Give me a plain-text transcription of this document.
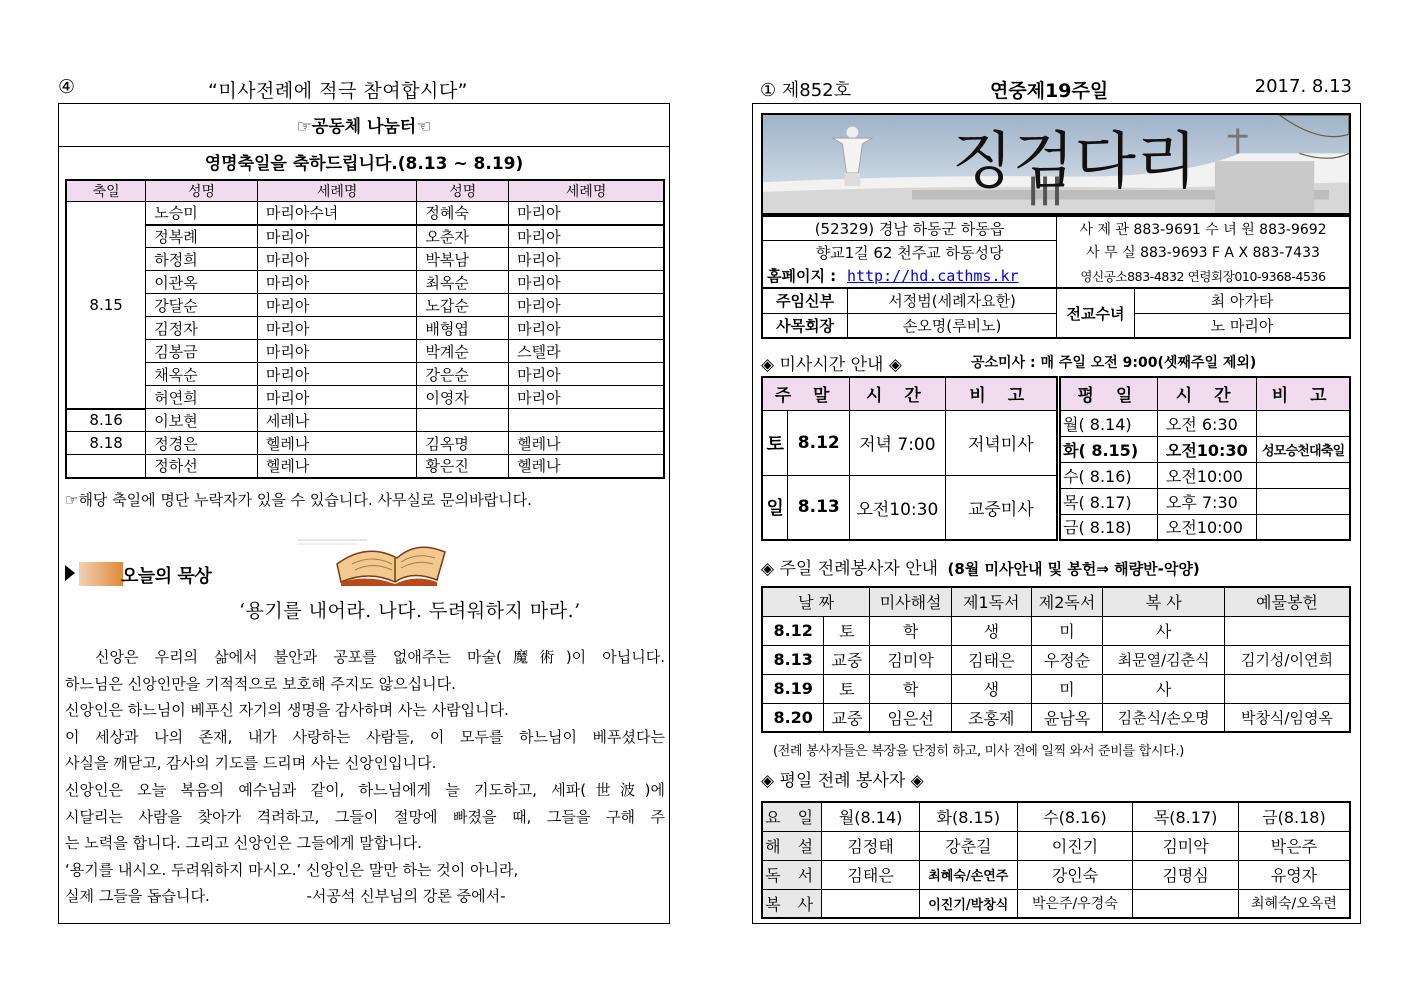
④	“미사전례에 적극 참여합시다”
☞공동체 나눔터☜
영명축일을 축하드립니다.(8.13 ~ 8.19)
축일	성명	세례명	성명	세례명
8.15	노승미	마리아수녀	정혜숙	마리아
	정복례	마리아	오춘자	마리아
	하정희	마리아	박복남	마리아
	이관옥	마리아	최옥순	마리아
	강달순	마리아	노갑순	마리아
	김정자	마리아	배형엽	마리아
	김봉금	마리아	박계순	스텔라
	채옥순	마리아	강은순	마리아
	허연희	마리아	이영자	마리아
8.16	이보현	세레나		
8.18	정경은	헬레나	김옥명	헬레나
	정하선	헬레나	황은진	헬레나
☞해당 축일에 명단 누락자가 있을 수 있습니다. 사무실로 문의바랍니다.
오늘의 묵상
‘용기를 내어라. 나다. 두려워하지 마라.’
신앙은 우리의 삶에서 불안과 공포를 없애주는 마술(魔術)이 아닙니다.
하느님은 신앙인만을 기적적으로 보호해 주지도 않으십니다.
신앙인은 하느님이 베푸신 자기의 생명을 감사하며 사는 사람입니다.
이 세상과 나의 존재, 내가 사랑하는 사람들, 이 모두를 하느님이 베푸셨다는
사실을 깨닫고, 감사의 기도를 드리며 사는 신앙인입니다.
신앙인은 오늘 복음의 예수님과 같이, 하느님에게 늘 기도하고, 세파(世波)에
시달리는 사람을 찾아가 격려하고, 그들이 절망에 빠졌을 때, 그들을 구해 주
는 노력을 합니다. 그리고 신앙인은 그들에게 말합니다.
‘용기를 내시오. 두려워하지 마시오.’ 신앙인은 말만 하는 것이 아니라,
실제 그들을 돕습니다.	-서공석 신부님의 강론 중에서-
① 제852호	연중제19주일	2017. 8.13
징검다리
(52329) 경남 하동군 하동읍		사 제 관 883-9691 수 녀 원 883-9692	
향교1길 62 천주교 하동성당		사 무 실 883-9693 F A X 883-7433	
홈페이지 : http://hd.cathms.kr		영신공소883-4832 연령회장010-9368-4536	
주임신부	서정범(세례자요한)	전교수녀	최 아가타
사목회장	손오명(루비노)		노 마리아
◈ 미사시간 안내 ◈	공소미사 : 매 주일 오전 9:00(셋째주일 제외)
주 말		시 간	비 고
토	8.12	저녁 7:00	저녁미사
일	8.13	오전10:30	교중미사
평 일	시 간	비 고
월( 8.14)	오전 6:30	
화( 8.15)	오전10:30	성모승천대축일
수( 8.16)	오전10:00	
목( 8.17)	오후 7:30	
금( 8.18)	오전10:00	
◈ 주일 전례봉사자 안내 (8월 미사안내 및 봉헌⇒ 해량반-악양)
날 짜		미사해설	제1독서	제2독서	복 사	예물봉헌
8.12	토	학	생	미	사	
8.13	교중	김미악	김태은	우정순	최문열/김춘식	김기성/이연희
8.19	토	학	생	미	사	
8.20	교중	임은선	조홍제	윤남옥	김춘식/손오명	박창식/임영옥
(전례 봉사자들은 복장을 단정히 하고, 미사 전에 일찍 와서 준비를 합시다.)
◈ 평일 전례 봉사자 ◈
요 일	월(8.14)	화(8.15)	수(8.16)	목(8.17)	금(8.18)
해 설	김정태	강춘길	이진기	김미악	박은주
독 서	김태은	최혜숙/손연주	강인숙	김명심	유영자
복 사		이진기/박창식	박은주/우경숙		최혜숙/오옥련
